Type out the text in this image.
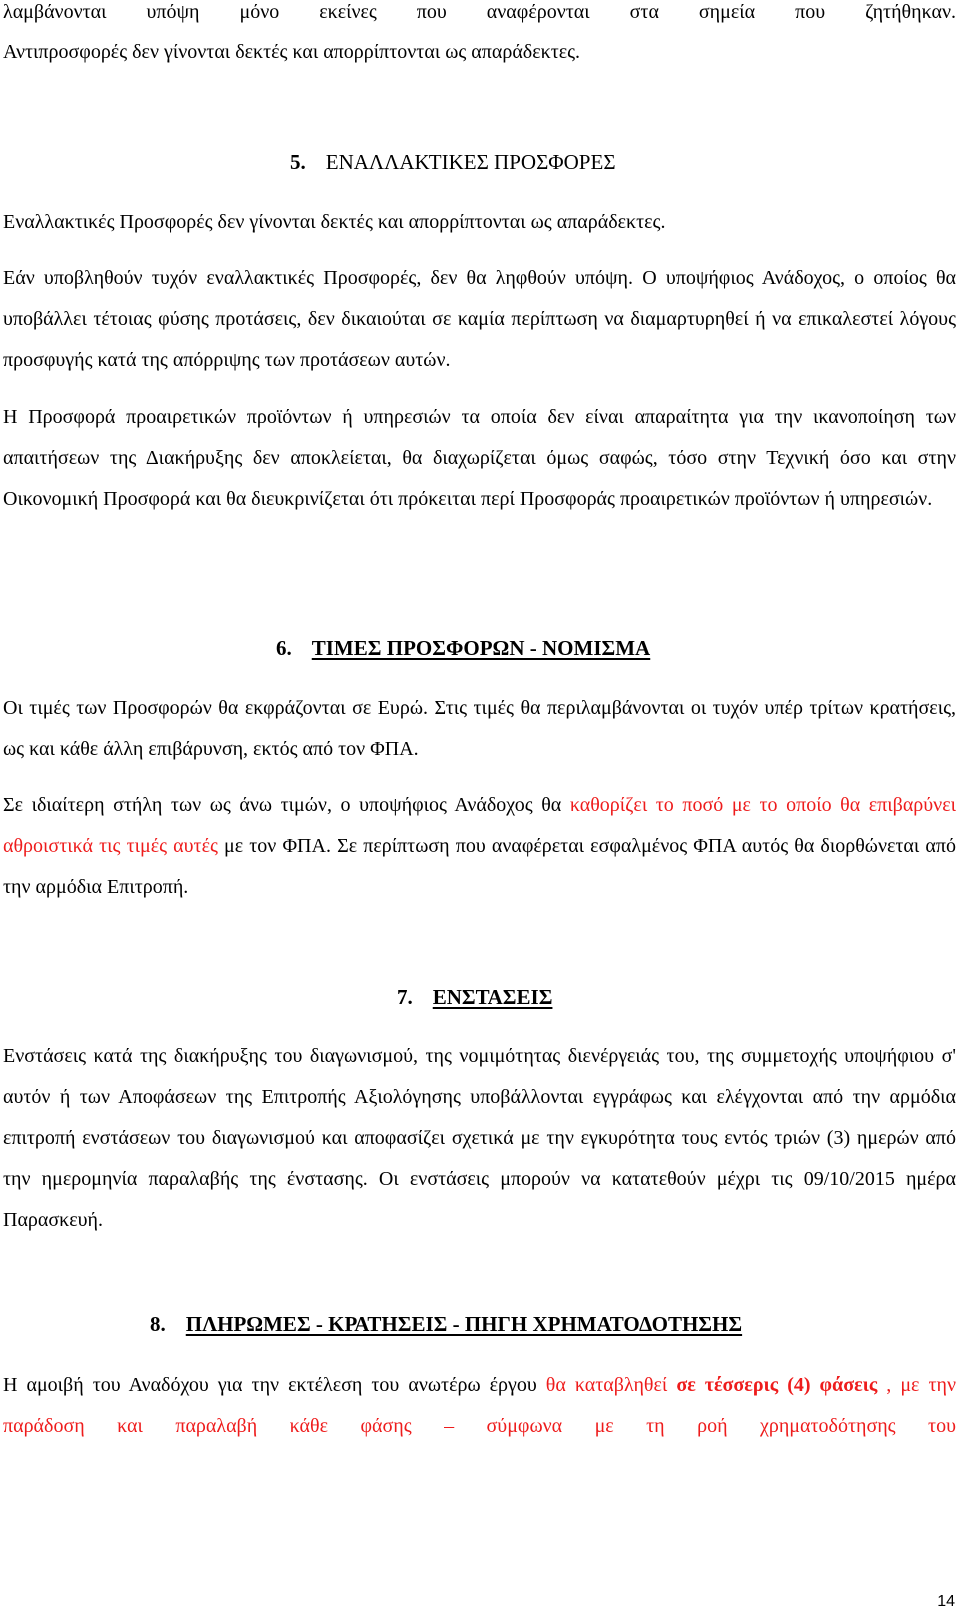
λαμβάνονται υπόψη μόνο εκείνες που αναφέρονται στα σημεία που ζητήθηκαν.

Αντιπροσφορές δεν γίνονται δεκτές και απορρίπτονται ως απαράδεκτες.

5. ΕΝΑΛΛΑΚΤΙΚΕΣ ΠΡΟΣΦΟΡΕΣ

Εναλλακτικές Προσφορές δεν γίνονται δεκτές και απορρίπτονται ως απαράδεκτες.

Εάν υποβληθούν τυχόν εναλλακτικές Προσφορές, δεν θα ληφθούν υπόψη. Ο υποψήφιος Ανάδοχος, ο οποίος θα υποβάλλει τέτοιας φύσης προτάσεις, δεν δικαιούται σε καμία περίπτωση να διαμαρτυρηθεί ή να επικαλεστεί λόγους προσφυγής κατά της απόρριψης των προτάσεων αυτών.

Η Προσφορά προαιρετικών προϊόντων ή υπηρεσιών τα οποία δεν είναι απαραίτητα για την ικανοποίηση των απαιτήσεων της Διακήρυξης δεν αποκλείεται, θα διαχωρίζεται όμως σαφώς, τόσο στην Τεχνική όσο και στην Οικονομική Προσφορά και θα διευκρινίζεται ότι πρόκειται περί Προσφοράς προαιρετικών προϊόντων ή υπηρεσιών.

6. ΤΙΜΕΣ ΠΡΟΣΦΟΡΩΝ - ΝΟΜΙΣΜΑ

Οι τιμές των Προσφορών θα εκφράζονται σε Ευρώ. Στις τιμές θα περιλαμβάνονται οι τυχόν υπέρ τρίτων κρατήσεις, ως και κάθε άλλη επιβάρυνση, εκτός από τον ΦΠΑ.

Σε ιδιαίτερη στήλη των ως άνω τιμών, ο υποψήφιος Ανάδοχος θα καθορίζει το ποσό με το οποίο θα επιβαρύνει αθροιστικά τις τιμές αυτές με τον ΦΠΑ. Σε περίπτωση που αναφέρεται εσφαλμένος ΦΠΑ αυτός θα διορθώνεται από την αρμόδια Επιτροπή.

7. ΕΝΣΤΑΣΕΙΣ

Ενστάσεις κατά της διακήρυξης του διαγωνισμού, της νομιμότητας διενέργειάς του, της συμμετοχής υποψήφιου σ' αυτόν ή των Αποφάσεων της Επιτροπής Αξιολόγησης υποβάλλονται εγγράφως και ελέγχονται από την αρμόδια επιτροπή ενστάσεων του διαγωνισμού και αποφασίζει σχετικά με την εγκυρότητα τους εντός τριών (3) ημερών από την ημερομηνία παραλαβής της ένστασης. Οι ενστάσεις μπορούν να κατατεθούν μέχρι τις 09/10/2015 ημέρα Παρασκευή.

8. ΠΛΗΡΩΜΕΣ - ΚΡΑΤΗΣΕΙΣ - ΠΗΓΗ ΧΡΗΜΑΤΟΔΟΤΗΣΗΣ

Η αμοιβή του Αναδόχου για την εκτέλεση του ανωτέρω έργου θα καταβληθεί σε τέσσερις (4) φάσεις , με την παράδοση και παραλαβή κάθε φάσης – σύμφωνα με τη ροή χρηματοδότησης του

14
